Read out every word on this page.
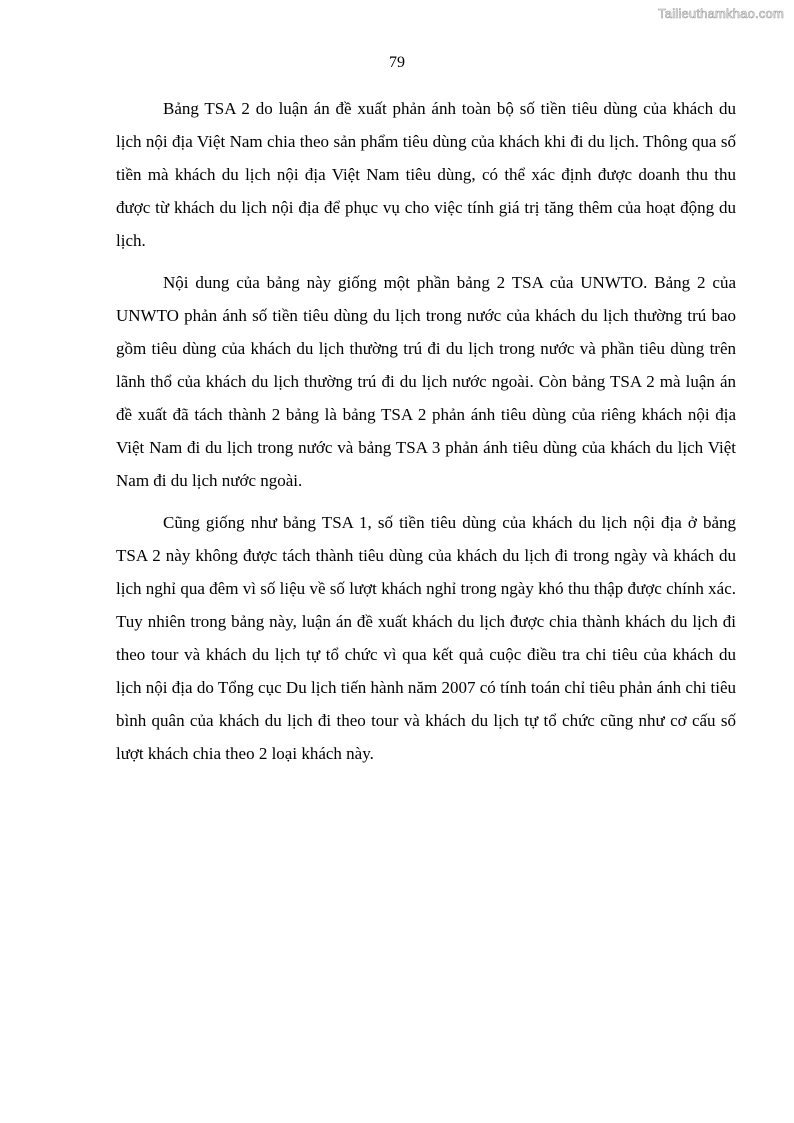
Tailieuthamkhao.com
79

Bảng TSA 2 do luận án đề xuất phản ánh toàn bộ số tiền tiêu dùng của khách du lịch nội địa Việt Nam chia theo sản phẩm tiêu dùng của khách khi đi du lịch. Thông qua số tiền mà khách du lịch nội địa Việt Nam tiêu dùng, có thể xác định được doanh thu thu được từ khách du lịch nội địa để phục vụ cho việc tính giá trị tăng thêm của hoạt động du lịch.

Nội dung của bảng này giống một phần bảng 2 TSA của UNWTO. Bảng 2 của UNWTO phản ánh số tiền tiêu dùng du lịch trong nước của khách du lịch thường trú bao gồm tiêu dùng của khách du lịch thường trú đi du lịch trong nước và phần tiêu dùng trên lãnh thổ của khách du lịch thường trú đi du lịch nước ngoài. Còn bảng TSA 2 mà luận án đề xuất đã tách thành 2 bảng là bảng TSA 2 phản ánh tiêu dùng của riêng khách nội địa Việt Nam đi du lịch trong nước và bảng TSA 3 phản ánh tiêu dùng của khách du lịch Việt Nam đi du lịch nước ngoài.

Cũng giống như bảng TSA 1, số tiền tiêu dùng của khách du lịch nội địa ở bảng TSA 2 này không được tách thành tiêu dùng của khách du lịch đi trong ngày và khách du lịch nghỉ qua đêm vì số liệu về số lượt khách nghỉ trong ngày khó thu thập được chính xác. Tuy nhiên trong bảng này, luận án đề xuất khách du lịch được chia thành khách du lịch đi theo tour và khách du lịch tự tổ chức vì qua kết quả cuộc điều tra chi tiêu của khách du lịch nội địa do Tổng cục Du lịch tiến hành năm 2007 có tính toán chỉ tiêu phản ánh chi tiêu bình quân của khách du lịch đi theo tour và khách du lịch tự tổ chức cũng như cơ cấu số lượt khách chia theo 2 loại khách này.
